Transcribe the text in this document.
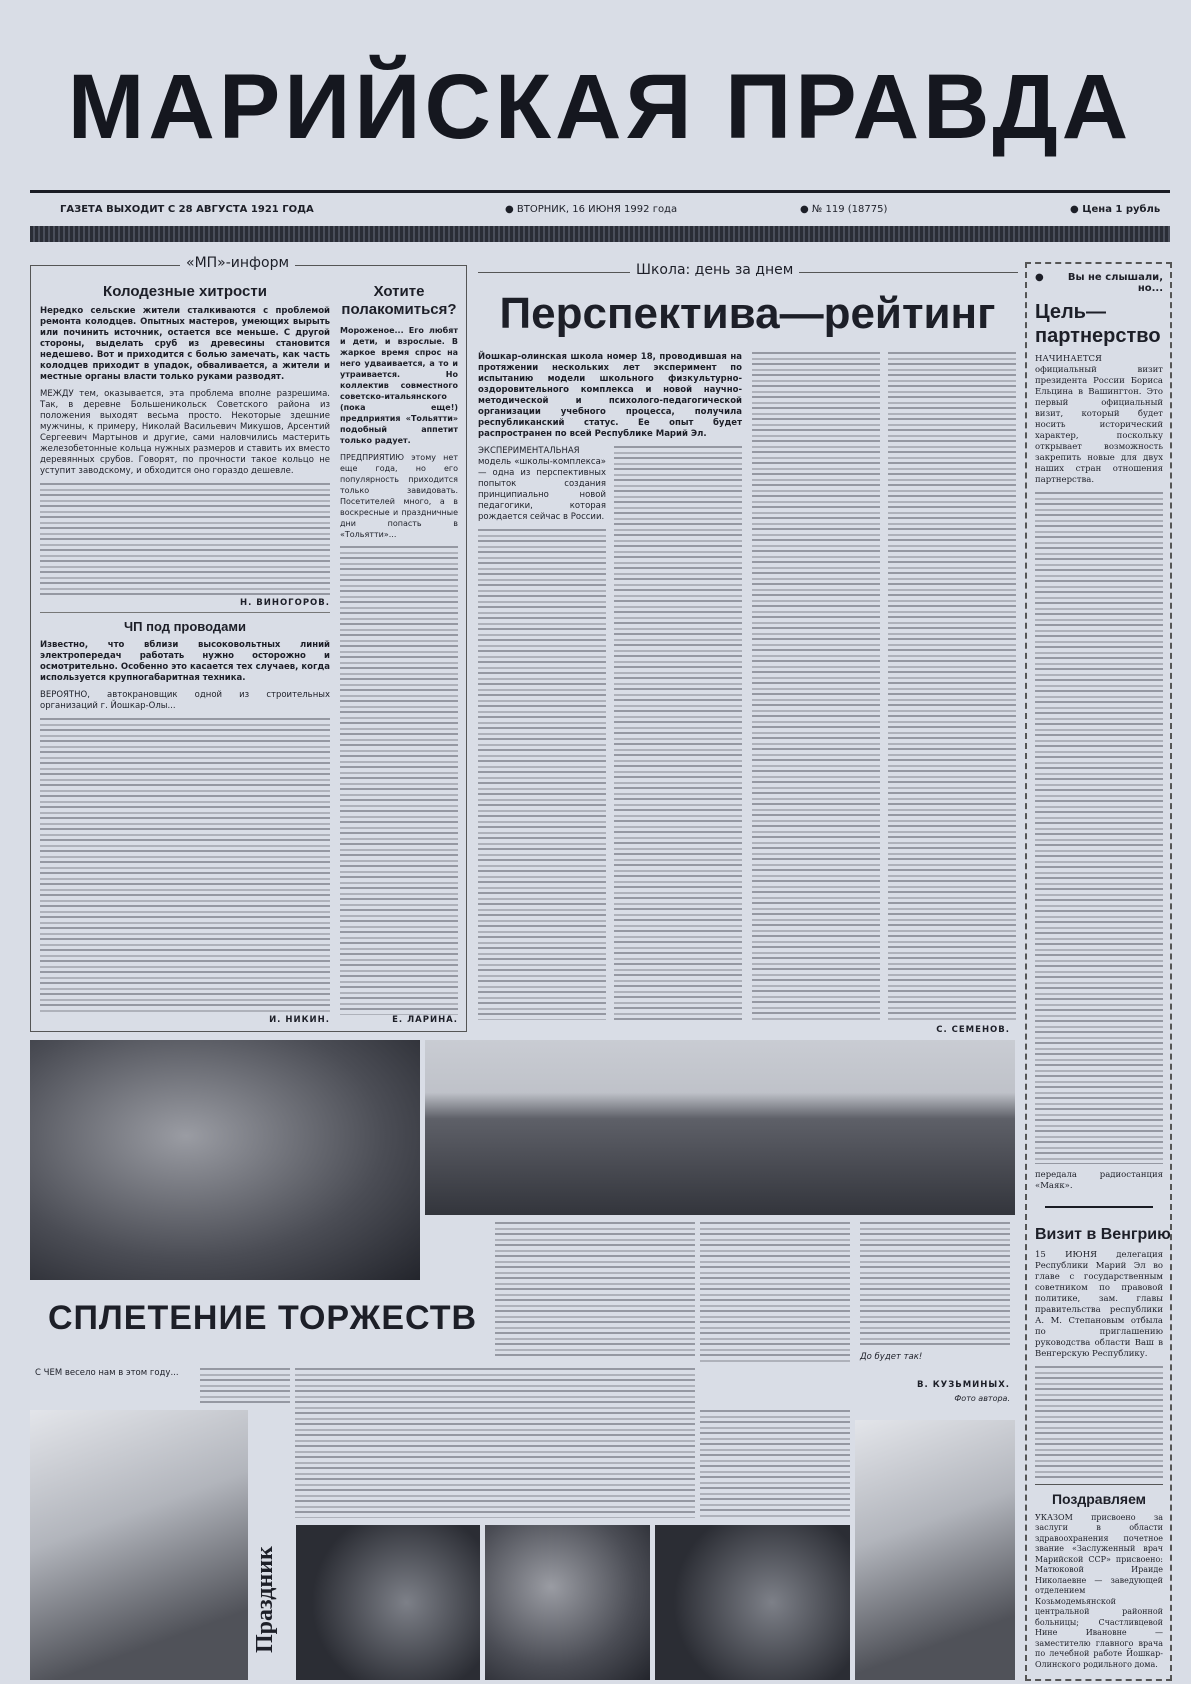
МАРИЙСКАЯ ПРАВДА
ГАЗЕТА ВЫХОДИТ С 28 АВГУСТА 1921 ГОДА	● ВТОРНИК, 16 ИЮНЯ 1992 года	● № 119 (18775)	● Цена 1 рубль
«МП»-информ
Колодезные хитрости
Нередко сельские жители сталкиваются с проблемой ремонта колодцев. Опытных мастеров, умеющих вырыть или починить источник, остается все меньше. С другой стороны, выделать сруб из древесины становится недешево. Вот и приходится с болью замечать, как часть колодцев приходит в упадок, обваливается, а жители и местные органы власти только руками разводят.
МЕЖДУ тем, оказывается, эта проблема вполне разрешима. Так, в деревне Большеникольск Советского района из положения выходят весьма просто. Некоторые здешние мужчины, к примеру, Николай Васильевич Микушов, Арсентий Сергеевич Мартынов и другие, сами наловчились мастерить железобетонные кольца нужных размеров и ставить их вместо деревянных срубов. Говорят, по прочности такое кольцо не уступит заводскому, и обходится оно гораздо дешевле.
Н. ВИНОГОРОВ.
Хотите полакомиться?
Мороженое... Его любят и дети, и взрослые. В жаркое время спрос на него удваивается, а то и утраивается. Но коллектив совместного советско-итальянского (пока еще!) предприятия «Тольятти» подобный аппетит только радует.
ПРЕДПРИЯТИЮ этому нет еще года, но его популярность приходится только завидовать. Посетителей много, а в воскресные и праздничные дни попасть в «Тольятти»...
Е. ЛАРИНА.
ЧП под проводами
Известно, что вблизи высоковольтных линий электропередач работать нужно осторожно и осмотрительно. Особенно это касается тех случаев, когда используется крупногабаритная техника.
ВЕРОЯТНО, автокрановщик одной из строительных организаций г. Йошкар-Олы...
И. НИКИН.
Школа: день за днем
Перспектива—рейтинг
Йошкар-олинская школа номер 18, проводившая на протяжении нескольких лет эксперимент по испытанию модели школьного физкультурно-оздоровительного комплекса и новой научно-методической и психолого-педагогической организации учебного процесса, получила республиканский статус. Ее опыт будет распространен по всей Республике Марий Эл.
ЭКСПЕРИМЕНТАЛЬНАЯ модель «школы-комплекса» — одна из перспективных попыток создания принципиально новой педагогики, которая рождается сейчас в России.
С. СЕМЕНОВ.
● Вы не слышали, но...
Цель—партнерство
НАЧИНАЕТСЯ официальный визит президента России Бориса Ельцина в Вашингтон. Это первый официальный визит, который будет носить исторический характер, поскольку открывает возможность закрепить новые для двух наших стран отношения партнерства.
передала радиостанция «Маяк».
Визит в Венгрию
15 ИЮНЯ делегация Республики Марий Эл во главе с государственным советником по правовой политике, зам. главы правительства республики А. М. Степановым отбыла по приглашению руководства области Ваш в Венгерскую Республику.
Поздравляем
УКАЗОМ присвоено за заслуги в области здравоохранения почетное звание «Заслуженный врач Марийской ССР» присвоено: Матюковой Ираиде Николаевне — заведующей отделением Козьмодемьянской центральной районной больницы; Счастливцевой Нине Ивановне — заместителю главного врача по лечебной работе Йошкар-Олинского родильного дома.
До будет так!
В. КУЗЬМИНЫХ.
Фото автора.
СПЛЕТЕНИЕ ТОРЖЕСТВ
С ЧЕМ весело нам в этом году...
Праздник
